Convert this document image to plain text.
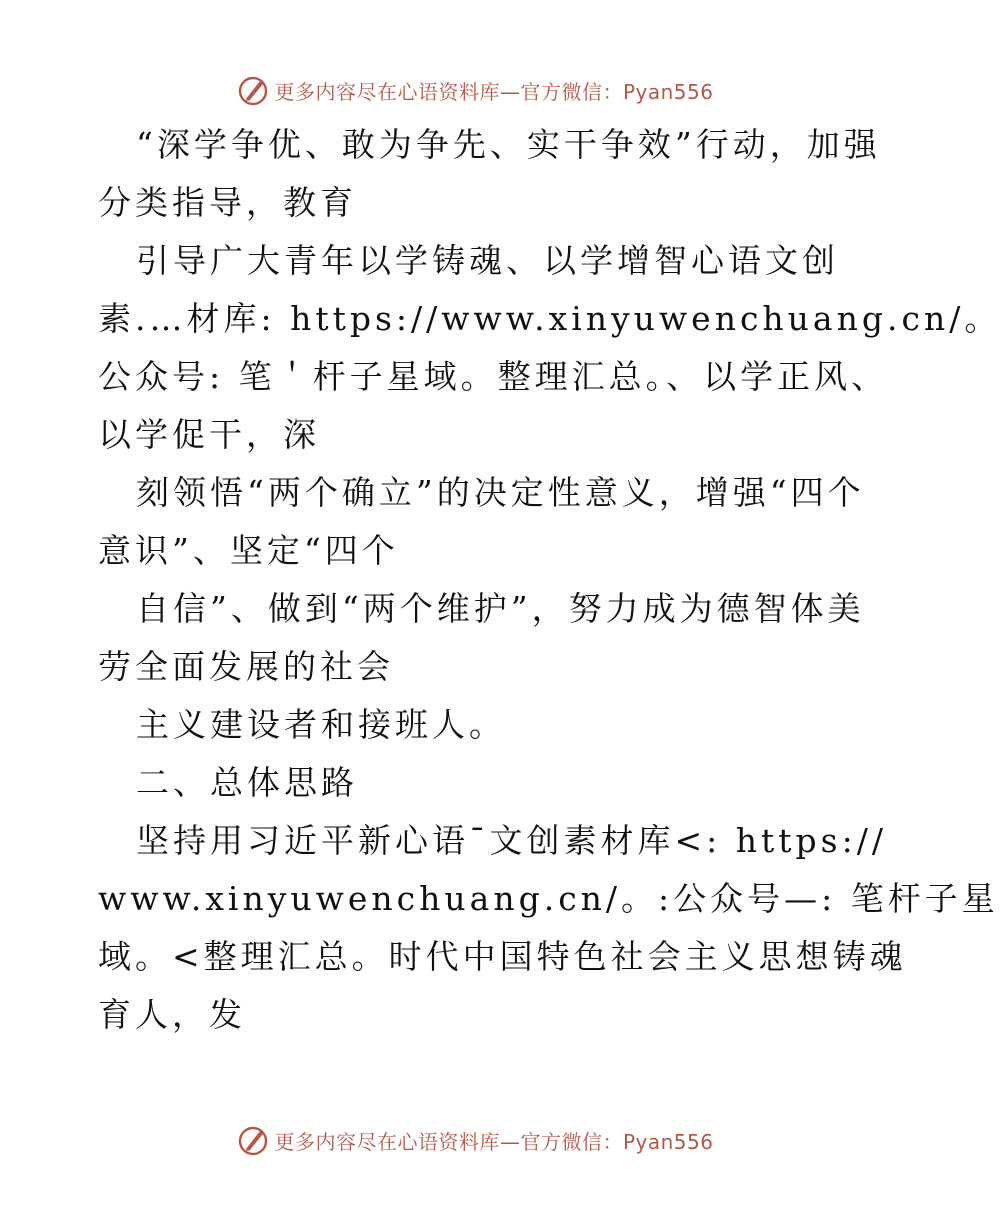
更多内容尽在心语资料库—官方微信：Pyan556
“深学争优、敢为争先、实干争效”行动，加强
分类指导，教育
引导广大青年以学铸魂、以学增智心语文创
素.…材库: https://www.xinyuwenchuang.cn/。
公众号: 笔＇杆子星域。整理汇总。、以学正风、
以学促干，深
刻领悟“两个确立”的决定性意义，增强“四个
意识”、坚定“四个
自信”、做到“两个维护”，努力成为德智体美
劳全面发展的社会
主义建设者和接班人。
二、总体思路
坚持用习近平新心语¯文创素材库<: https://
www.xinyuwenchuang.cn/。:公众号—: 笔杆子星
域。<整理汇总。时代中国特色社会主义思想铸魂
育人，发
更多内容尽在心语资料库—官方微信：Pyan556
